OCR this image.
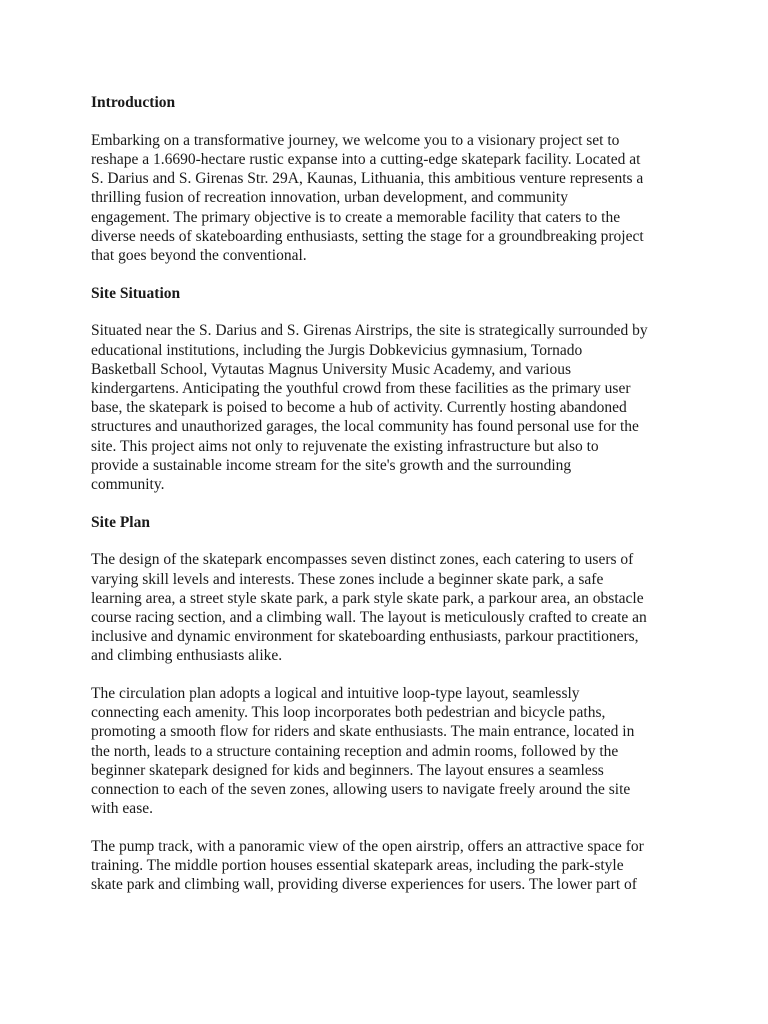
Introduction

Embarking on a transformative journey, we welcome you to a visionary project set to
reshape a 1.6690-hectare rustic expanse into a cutting-edge skatepark facility. Located at
S. Darius and S. Girenas Str. 29A, Kaunas, Lithuania, this ambitious venture represents a
thrilling fusion of recreation innovation, urban development, and community
engagement. The primary objective is to create a memorable facility that caters to the
diverse needs of skateboarding enthusiasts, setting the stage for a groundbreaking project
that goes beyond the conventional.

Site Situation

Situated near the S. Darius and S. Girenas Airstrips, the site is strategically surrounded by
educational institutions, including the Jurgis Dobkevicius gymnasium, Tornado
Basketball School, Vytautas Magnus University Music Academy, and various
kindergartens. Anticipating the youthful crowd from these facilities as the primary user
base, the skatepark is poised to become a hub of activity. Currently hosting abandoned
structures and unauthorized garages, the local community has found personal use for the
site. This project aims not only to rejuvenate the existing infrastructure but also to
provide a sustainable income stream for the site's growth and the surrounding
community.

Site Plan

The design of the skatepark encompasses seven distinct zones, each catering to users of
varying skill levels and interests. These zones include a beginner skate park, a safe
learning area, a street style skate park, a park style skate park, a parkour area, an obstacle
course racing section, and a climbing wall. The layout is meticulously crafted to create an
inclusive and dynamic environment for skateboarding enthusiasts, parkour practitioners,
and climbing enthusiasts alike.

The circulation plan adopts a logical and intuitive loop-type layout, seamlessly
connecting each amenity. This loop incorporates both pedestrian and bicycle paths,
promoting a smooth flow for riders and skate enthusiasts. The main entrance, located in
the north, leads to a structure containing reception and admin rooms, followed by the
beginner skatepark designed for kids and beginners. The layout ensures a seamless
connection to each of the seven zones, allowing users to navigate freely around the site
with ease.

The pump track, with a panoramic view of the open airstrip, offers an attractive space for
training. The middle portion houses essential skatepark areas, including the park-style
skate park and climbing wall, providing diverse experiences for users. The lower part of
